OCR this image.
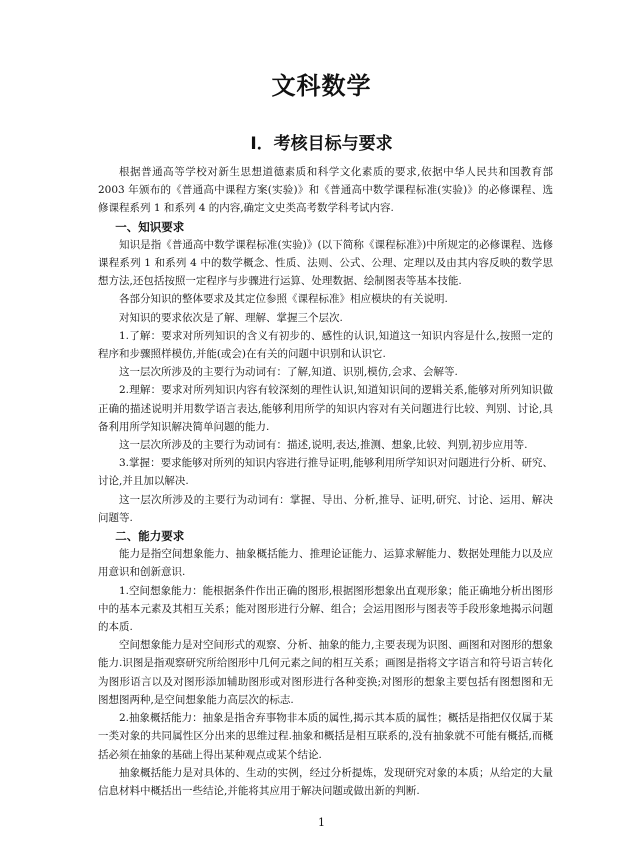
文科数学
I．考核目标与要求

根据普通高等学校对新生思想道德素质和科学文化素质的要求,依据中华人民共和国教育部 2003 年颁布的《普通高中课程方案(实验)》和《普通高中数学课程标准(实验)》的必修课程、选修课程系列 1 和系列 4 的内容,确定文史类高考数学科考试内容.

一、知识要求

知识是指《普通高中数学课程标准(实验)》(以下简称《课程标准》)中所规定的必修课程、选修课程系列 1 和系列 4 中的数学概念、性质、法则、公式、公理、定理以及由其内容反映的数学思想方法,还包括按照一定程序与步骤进行运算、处理数据、绘制图表等基本技能.

各部分知识的整体要求及其定位参照《课程标准》相应模块的有关说明.

对知识的要求依次是了解、理解、掌握三个层次.

1.了解：要求对所列知识的含义有初步的、感性的认识,知道这一知识内容是什么,按照一定的程序和步骤照样模仿,并能(或会)在有关的问题中识别和认识它.

这一层次所涉及的主要行为动词有：了解,知道、识别,模仿,会求、会解等.

2.理解：要求对所列知识内容有较深刻的理性认识,知道知识间的逻辑关系,能够对所列知识做正确的描述说明并用数学语言表达,能够利用所学的知识内容对有关问题进行比较、判别、讨论,具备利用所学知识解决简单问题的能力.

这一层次所涉及的主要行为动词有：描述,说明,表达,推测、想象,比较、判别,初步应用等.

3.掌握：要求能够对所列的知识内容进行推导证明,能够利用所学知识对问题进行分析、研究、讨论,并且加以解决.

这一层次所涉及的主要行为动词有：掌握、导出、分析,推导、证明,研究、讨论、运用、解决问题等.

二、能力要求

能力是指空间想象能力、抽象概括能力、推理论证能力、运算求解能力、数据处理能力以及应用意识和创新意识.

1.空间想象能力：能根据条件作出正确的图形,根据图形想象出直观形象；能正确地分析出图形中的基本元素及其相互关系；能对图形进行分解、组合；会运用图形与图表等手段形象地揭示问题的本质.

空间想象能力是对空间形式的观察、分析、抽象的能力,主要表现为识图、画图和对图形的想象能力.识图是指观察研究所给图形中几何元素之间的相互关系；画图是指将文字语言和符号语言转化为图形语言以及对图形添加辅助图形或对图形进行各种变换;对图形的想象主要包括有图想图和无图想图两种,是空间想象能力高层次的标志.

2.抽象概括能力：抽象是指舍弃事物非本质的属性,揭示其本质的属性；概括是指把仅仅属于某一类对象的共同属性区分出来的思维过程.抽象和概括是相互联系的,没有抽象就不可能有概括,而概括必须在抽象的基础上得出某种观点或某个结论.

抽象概括能力是对具体的、生动的实例，经过分析提炼，发现研究对象的本质；从给定的大量信息材料中概括出一些结论,并能将其应用于解决问题或做出新的判断.

1
